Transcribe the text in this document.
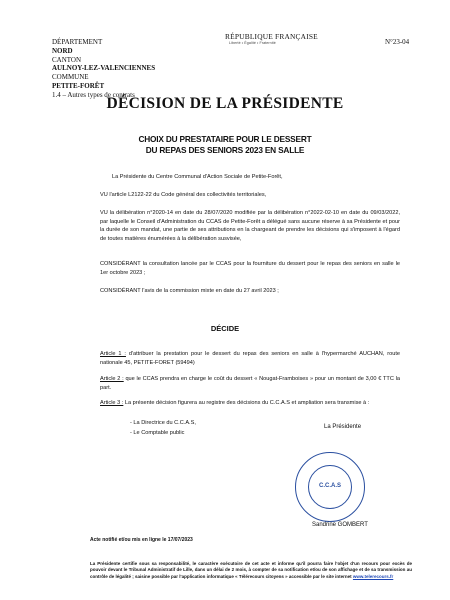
DÉPARTEMENT
NORD
CANTON
AULNOY-LEZ-VALENCIENNES
COMMUNE
PETITE-FORÊT
1.4 – Autres types de contrats
RÉPUBLIQUE FRANÇAISE
Liberté • Égalité • Fraternité	N°23-04
DÉCISION DE LA PRÉSIDENTE
CHOIX DU PRESTATAIRE POUR LE DESSERT
DU REPAS DES SENIORS 2023 EN SALLE
La Présidente du Centre Communal d'Action Sociale de Petite-Forêt,
VU l'article L2122-22 du Code général des collectivités territoriales,
VU la délibération n°2020-14 en date du 28/07/2020 modifiée par la délibération n°2022-02-10 en date du 09/03/2022, par laquelle le Conseil d'Administration du CCAS de Petite-Forêt a délégué sans aucune réserve à sa Présidente et pour la durée de son mandat, une partie de ses attributions en la chargeant de prendre les décisions qui s'imposent à l'égard de toutes matières énumérées à la délibération susvisée,
CONSIDÉRANT la consultation lancée par le CCAS pour la fourniture du dessert pour le repas des seniors en salle le 1er octobre 2023 ;
CONSIDÉRANT l'avis de la commission mixte en date du 27 avril 2023 ;
DÉCIDE
Article 1 : d'attribuer la prestation pour le dessert du repas des seniors en salle à l'hypermarché AUCHAN, route nationale 45, PETITE-FORET (59494)
Article 2 : que le CCAS prendra en charge le coût du dessert « Nougat-Framboises » pour un montant de 3,00 € TTC la part.
Article 3 : La présente décision figurera au registre des décisions du C.C.A.S et ampliation sera transmise à :
- La Directrice du C.C.A.S,
- Le Comptable public
La Présidente
C.C.A.S
Sandrine GOMBERT
Acte notifié et/ou mis en ligne le 17/07/2023
La Présidente certifie sous sa responsabilité, le caractère exécutoire de cet acte et informe qu'il pourra faire l'objet d'un recours pour excès de pouvoir devant le Tribunal Administratif de Lille, dans un délai de 2 mois, à compter de sa notification et/ou de son affichage et de sa transmission au contrôle de légalité ; saisine possible par l'application informatique « Télérecours citoyens » accessible par le site internet www.telerecours.fr
